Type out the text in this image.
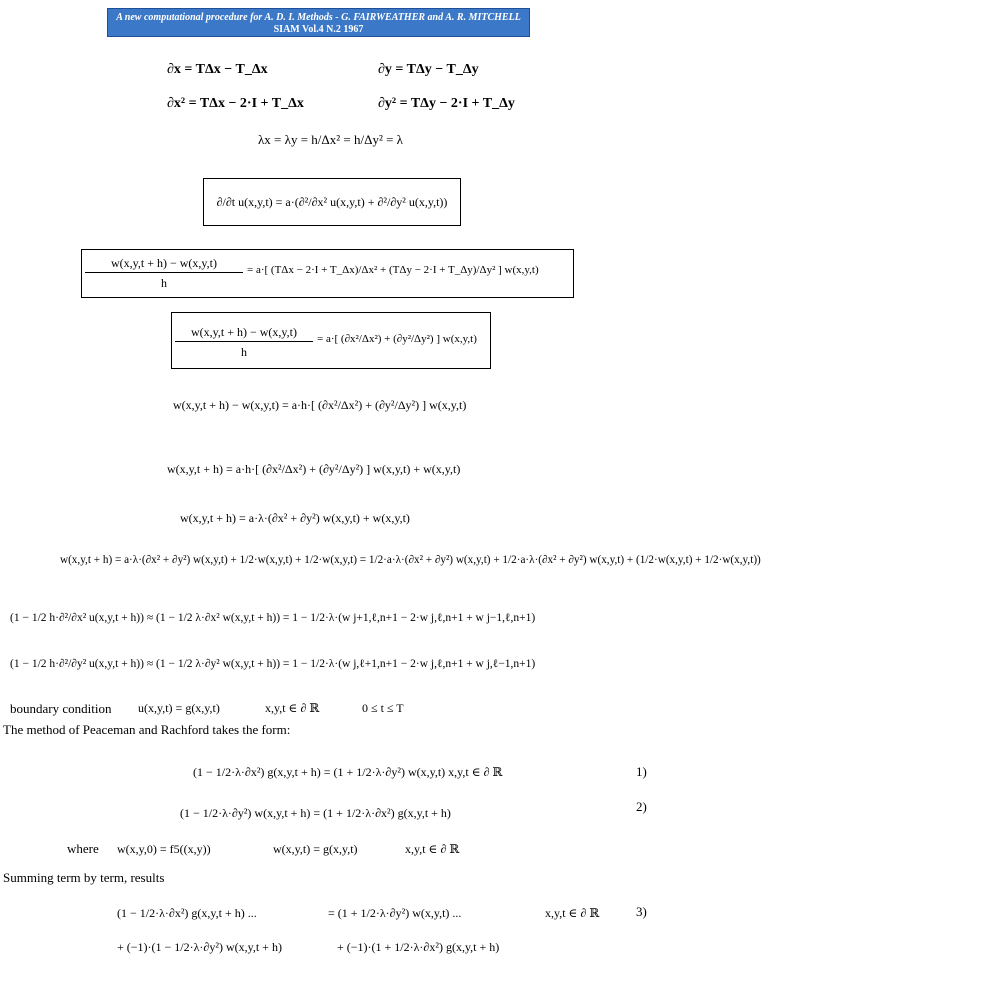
A new computational procedure for A. D. I. Methods - G. FAIRWEATHER and A. R. MITCHELL
SIAM Vol.4 N.2 1967
∂x = TΔx − T_Δx	∂y = TΔy − T_Δy
∂x² = TΔx − 2·I + T_Δx	∂y² = TΔy − 2·I + T_Δy
λx = λy = h/Δx² = h/Δy² = λ
∂/∂t u(x,y,t) = a·(∂²/∂x² u(x,y,t) + ∂²/∂y² u(x,y,t))
w(x,y,t + h) − w(x,y,t)
h
= a·[ (TΔx − 2·I + T_Δx)/Δx² + (TΔy − 2·I + T_Δy)/Δy² ] w(x,y,t)
w(x,y,t + h) − w(x,y,t)
h
= a·[ (∂x²/Δx²) + (∂y²/Δy²) ] w(x,y,t)
w(x,y,t + h) − w(x,y,t) = a·h·[ (∂x²/Δx²) + (∂y²/Δy²) ] w(x,y,t)
w(x,y,t + h) = a·h·[ (∂x²/Δx²) + (∂y²/Δy²) ] w(x,y,t) + w(x,y,t)
w(x,y,t + h) = a·λ·(∂x² + ∂y²) w(x,y,t) + w(x,y,t)
w(x,y,t + h) = a·λ·(∂x² + ∂y²) w(x,y,t) + 1/2·w(x,y,t) + 1/2·w(x,y,t) = 1/2·a·λ·(∂x² + ∂y²) w(x,y,t) + 1/2·a·λ·(∂x² + ∂y²) w(x,y,t) + (1/2·w(x,y,t) + 1/2·w(x,y,t))
(1 − 1/2 h·∂²/∂x² u(x,y,t + h)) ≈ (1 − 1/2 λ·∂x² w(x,y,t + h)) = 1 − 1/2·λ·(w j+1,ℓ,n+1 − 2·w j,ℓ,n+1 + w j−1,ℓ,n+1)
(1 − 1/2 h·∂²/∂y² u(x,y,t + h)) ≈ (1 − 1/2 λ·∂y² w(x,y,t + h)) = 1 − 1/2·λ·(w j,ℓ+1,n+1 − 2·w j,ℓ,n+1 + w j,ℓ−1,n+1)
boundary condition u(x,y,t) = g(x,y,t)	x,y,t ∈ ∂ ℝ	0 ≤ t ≤ T
The method of Peaceman and Rachford takes the form:
(1 − 1/2·λ·∂x²) g(x,y,t + h) = (1 + 1/2·λ·∂y²) w(x,y,t) x,y,t ∈ ∂ ℝ	1)
(1 − 1/2·λ·∂y²) w(x,y,t + h) = (1 + 1/2·λ·∂x²) g(x,y,t + h)	2)
where w(x,y,0) = f5((x,y))	w(x,y,t) = g(x,y,t)	x,y,t ∈ ∂ ℝ
Summing term by term, results
(1 − 1/2·λ·∂x²) g(x,y,t + h) ...	= (1 + 1/2·λ·∂y²) w(x,y,t) ...	x,y,t ∈ ∂ ℝ	3)
+ (−1)·(1 − 1/2·λ·∂y²) w(x,y,t + h)	+ (−1)·(1 + 1/2·λ·∂x²) g(x,y,t + h)
